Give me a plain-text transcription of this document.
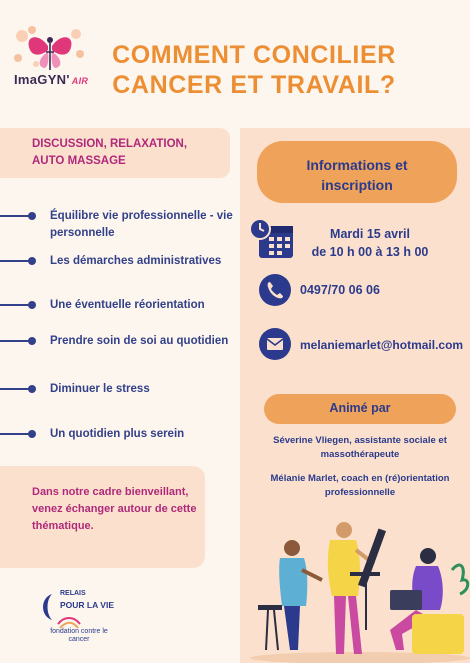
ImaGYN' AIR
COMMENT CONCILIER
CANCER ET TRAVAIL?
DISCUSSION, RELAXATION,
AUTO MASSAGE
Équilibre vie professionnelle - vie personnelle
Les démarches administratives
Une éventuelle réorientation
Prendre soin de soi au quotidien
Diminuer le stress
Un quotidien plus serein
Dans notre cadre bienveillant, venez échanger autour de cette thématique.
RELAIS
POUR LA VIE
fondation contre le cancer
Informations et
inscription
Mardi 15 avril
de 10 h 00 à 13 h 00
0497/70 06 06
melaniemarlet@hotmail.com
Animé par
Séverine Vliegen, assistante sociale et massothérapeute
Mélanie Marlet, coach en (ré)orientation professionnelle
